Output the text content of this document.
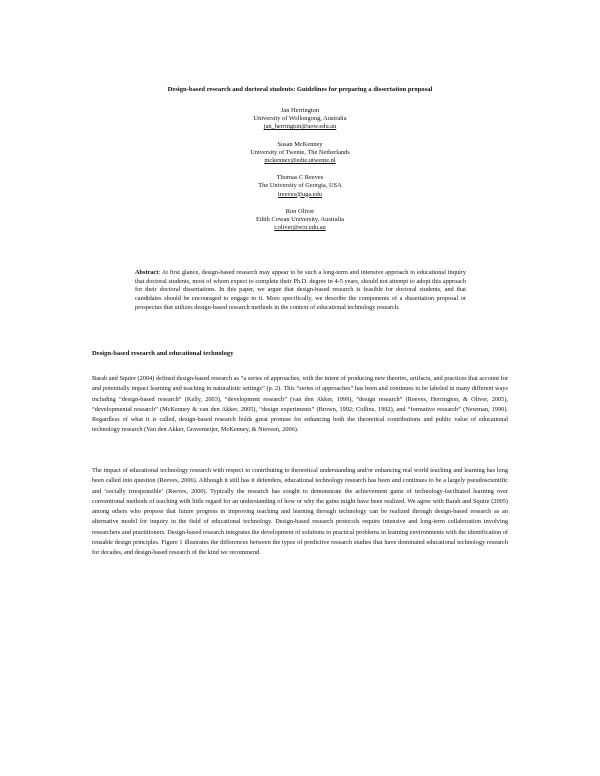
Design-based research and doctoral students: Guidelines for preparing a dissertation proposal
Jan Herrington
University of Wollongong, Australia
jan_herrington@uow.edu.au
Susan McKenney
University of Twente, The Netherlands
mckenney@edte.utwente.nl
Thomas C Reeves
The University of Georgia, USA
treeves@uga.edu
Ron Oliver
Edith Cowan University, Australia
r.oliver@ecu.edu.au
Abstract: At first glance, design-based research may appear to be such a long-term and intensive approach to educational inquiry that doctoral students, most of whom expect to complete their Ph.D. degree in 4-5 years, should not attempt to adopt this approach for their doctoral dissertations. In this paper, we argue that design-based research is feasible for doctoral students, and that candidates should be encouraged to engage in it. More specifically, we describe the components of a dissertation proposal or prospectus that utilizes design-based research methods in the context of educational technology research.
Design-based research and educational technology

Barab and Squire (2004) defined design-based research as “a series of approaches, with the intent of producing new theories, artifacts, and practices that account for and potentially impact learning and teaching in naturalistic settings” (p. 2). This “series of approaches” has been and continues to be labeled in many different ways including “design-based research” (Kelly, 2003), “development research” (van den Akker, 1999), “design research” (Reeves, Herrington, & Oliver, 2005), “developmental research” (McKenney & van den Akker, 2005), “design experiments” (Brown, 1992; Collins, 1992), and “formative research” (Newman, 1990). Regardless of what it is called, design-based research holds great promise for enhancing both the theoretical contributions and public value of educational technology research (Van den Akker, Gravemeijer, McKenney, & Nieveen, 2006).

The impact of educational technology research with respect to contributing to theoretical understanding and/or enhancing real world teaching and learning has long been called into question (Reeves, 2006). Although it still has it defenders, educational technology research has been and continues to be a largely pseudoscientific and ‘socially irresponsible’ (Reeves, 2000). Typically the research has sought to demonstrate the achievement gains of technology-facilitated learning over conventional methods of teaching with little regard for an understanding of how or why the gains might have been realized. We agree with Barab and Squire (2005) among others who propose that future progress in improving teaching and learning through technology can be realized through design-based research as an alternative model for inquiry in the field of educational technology. Design-based research protocols require intensive and long-term collaboration involving researchers and practitioners. Design-based research integrates the development of solutions to practical problems in learning environments with the identification of reusable design principles. Figure 1 illustrates the differences between the types of predictive research studies that have dominated educational technology research for decades, and design-based research of the kind we recommend.
